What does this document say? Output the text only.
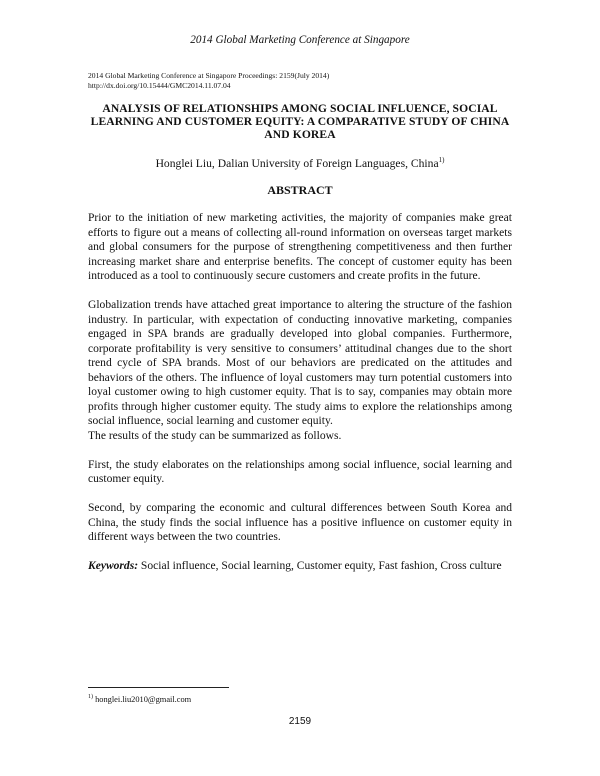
2014 Global Marketing Conference at Singapore
2014 Global Marketing Conference at Singapore Proceedings: 2159(July 2014)
http://dx.doi.org/10.15444/GMC2014.11.07.04
ANALYSIS OF RELATIONSHIPS AMONG SOCIAL INFLUENCE, SOCIAL LEARNING AND CUSTOMER EQUITY: A COMPARATIVE STUDY OF CHINA AND KOREA
Honglei Liu, Dalian University of Foreign Languages, China$^{1)}$
ABSTRACT

Prior to the initiation of new marketing activities, the majority of companies make great efforts to figure out a means of collecting all-round information on overseas target markets and global consumers for the purpose of strengthening competitiveness and then further increasing market share and enterprise benefits. The concept of customer equity has been introduced as a tool to continuously secure customers and create profits in the future.

Globalization trends have attached great importance to altering the structure of the fashion industry. In particular, with expectation of conducting innovative marketing, companies engaged in SPA brands are gradually developed into global companies. Furthermore, corporate profitability is very sensitive to consumers’ attitudinal changes due to the short trend cycle of SPA brands. Most of our behaviors are predicated on the attitudes and behaviors of the others. The influence of loyal customers may turn potential customers into loyal customer owing to high customer equity. That is to say, companies may obtain more profits through higher customer equity. The study aims to explore the relationships among social influence, social learning and customer equity.

The results of the study can be summarized as follows.

First, the study elaborates on the relationships among social influence, social learning and customer equity.

Second, by comparing the economic and cultural differences between South Korea and China, the study finds the social influence has a positive influence on customer equity in different ways between the two countries.

Keywords: Social influence, Social learning, Customer equity, Fast fashion, Cross culture

$^{1)}$ honglei.liu2010@gmail.com
2159
